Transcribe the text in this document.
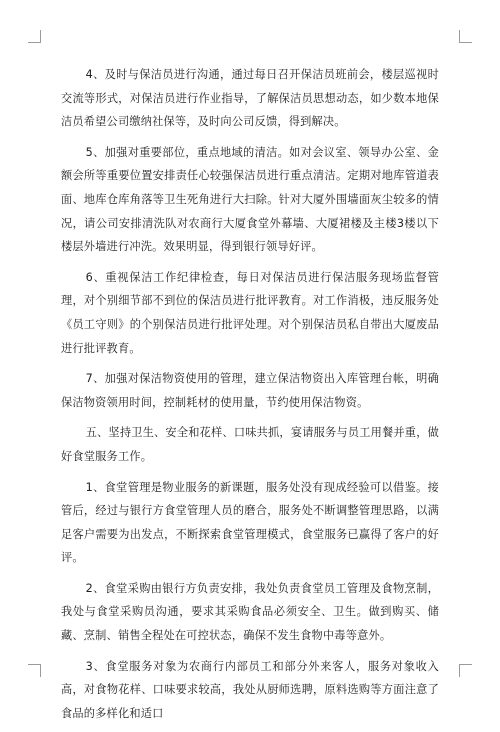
4、及时与保洁员进行沟通，通过每日召开保洁员班前会，楼层巡视时交流等形式，对保洁员进行作业指导，了解保洁员思想动态，如少数本地保洁员希望公司缴纳社保等，及时向公司反馈，得到解决。

5、加强对重要部位，重点地域的清洁。如对会议室、领导办公室、金额会所等重要位置安排责任心较强保洁员进行重点清洁。定期对地库管道表面、地库仓库角落等卫生死角进行大扫除。针对大厦外围墙面灰尘较多的情况，请公司安排清洗队对农商行大厦食堂外幕墙、大厦裙楼及主楼3楼以下楼层外墙进行冲洗。效果明显，得到银行领导好评。

6、重视保洁工作纪律检查，每日对保洁员进行保洁服务现场监督管理，对个别细节部不到位的保洁员进行批评教育。对工作消极，违反服务处《员工守则》的个别保洁员进行批评处理。对个别保洁员私自带出大厦废品进行批评教育。

7、加强对保洁物资使用的管理，建立保洁物资出入库管理台帐，明确保洁物资领用时间，控制耗材的使用量，节约使用保洁物资。

五、坚持卫生、安全和花样、口味共抓，宴请服务与员工用餐并重，做好食堂服务工作。

1、食堂管理是物业服务的新课题，服务处没有现成经验可以借鉴。接管后，经过与银行方食堂管理人员的磨合，服务处不断调整管理思路，以满足客户需要为出发点，不断探索食堂管理模式，食堂服务已赢得了客户的好评。

2、食堂采购由银行方负责安排，我处负责食堂员工管理及食物烹制，我处与食堂采购员沟通，要求其采购食品必须安全、卫生。做到购买、储藏、烹制、销售全程处在可控状态，确保不发生食物中毒等意外。

3、食堂服务对象为农商行内部员工和部分外来客人，服务对象收入高，对食物花样、口味要求较高，我处从厨师选聘，原料选购等方面注意了食品的多样化和适口
